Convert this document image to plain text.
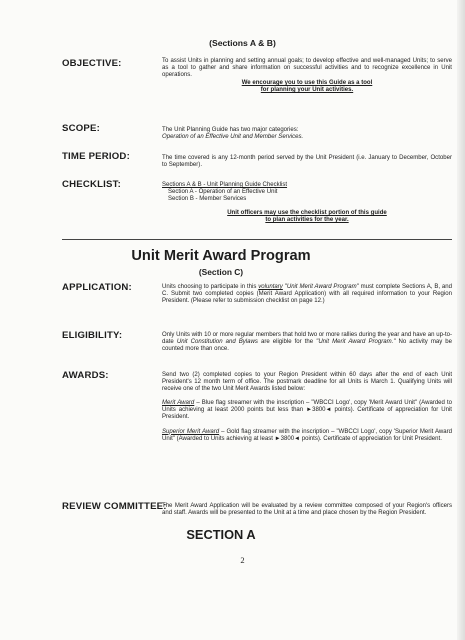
(Sections A & B)
OBJECTIVE:	To assist Units in planning and setting annual goals; to develop effective and well-managed Units; to serve as a tool to gather and share information on successful activities and to recognize excellence in Unit operations.

We encourage you to use this Guide as a tool

for planning your Unit activities.

SCOPE:	The Unit Planning Guide has two major categories:

Operation of an Effective Unit and Member Services.

TIME PERIOD:	The time covered is any 12-month period served by the Unit President (i.e. January to December, October to September).
CHECKLIST:	Sections A & B - Unit Planning Guide Checklist

Section A - Operation of an Effective Unit

Section B - Member Services

Unit officers may use the checklist portion of this guide

to plan activities for the year.

Unit Merit Award Program
(Section C)
APPLICATION:	Units choosing to participate in this voluntary "Unit Merit Award Program" must complete Sections A, B, and C. Submit two completed copies (Merit Award Application) with all required information to your Region President. (Please refer to submission checklist on page 12.)
ELIGIBILITY:	Only Units with 10 or more regular members that hold two or more rallies during the year and have an up-to-date Unit Constitution and Bylaws are eligible for the "Unit Merit Award Program." No activity may be counted more than once.
AWARDS:	Send two (2) completed copies to your Region President within 60 days after the end of each Unit President's 12 month term of office. The postmark deadline for all Units is March 1. Qualifying Units will receive one of the two Unit Merit Awards listed below:

Merit Award – Blue flag streamer with the inscription – "WBCCI Logo', copy 'Merit Award Unit" (Awarded to Units achieving at least 2000 points but less than ►3800◄ points). Certificate of appreciation for Unit President.

Superior Merit Award – Gold flag streamer with the inscription – "WBCCI Logo', copy 'Superior Merit Award Unit" (Awarded to Units achieving at least ►3800◄ points). Certificate of appreciation for Unit President.

REVIEW COMMITTEE:
The Merit Award Application will be evaluated by a review committee composed of your Region's officers and staff. Awards will be presented to the Unit at a time and place chosen by the Region President.
SECTION A
2
